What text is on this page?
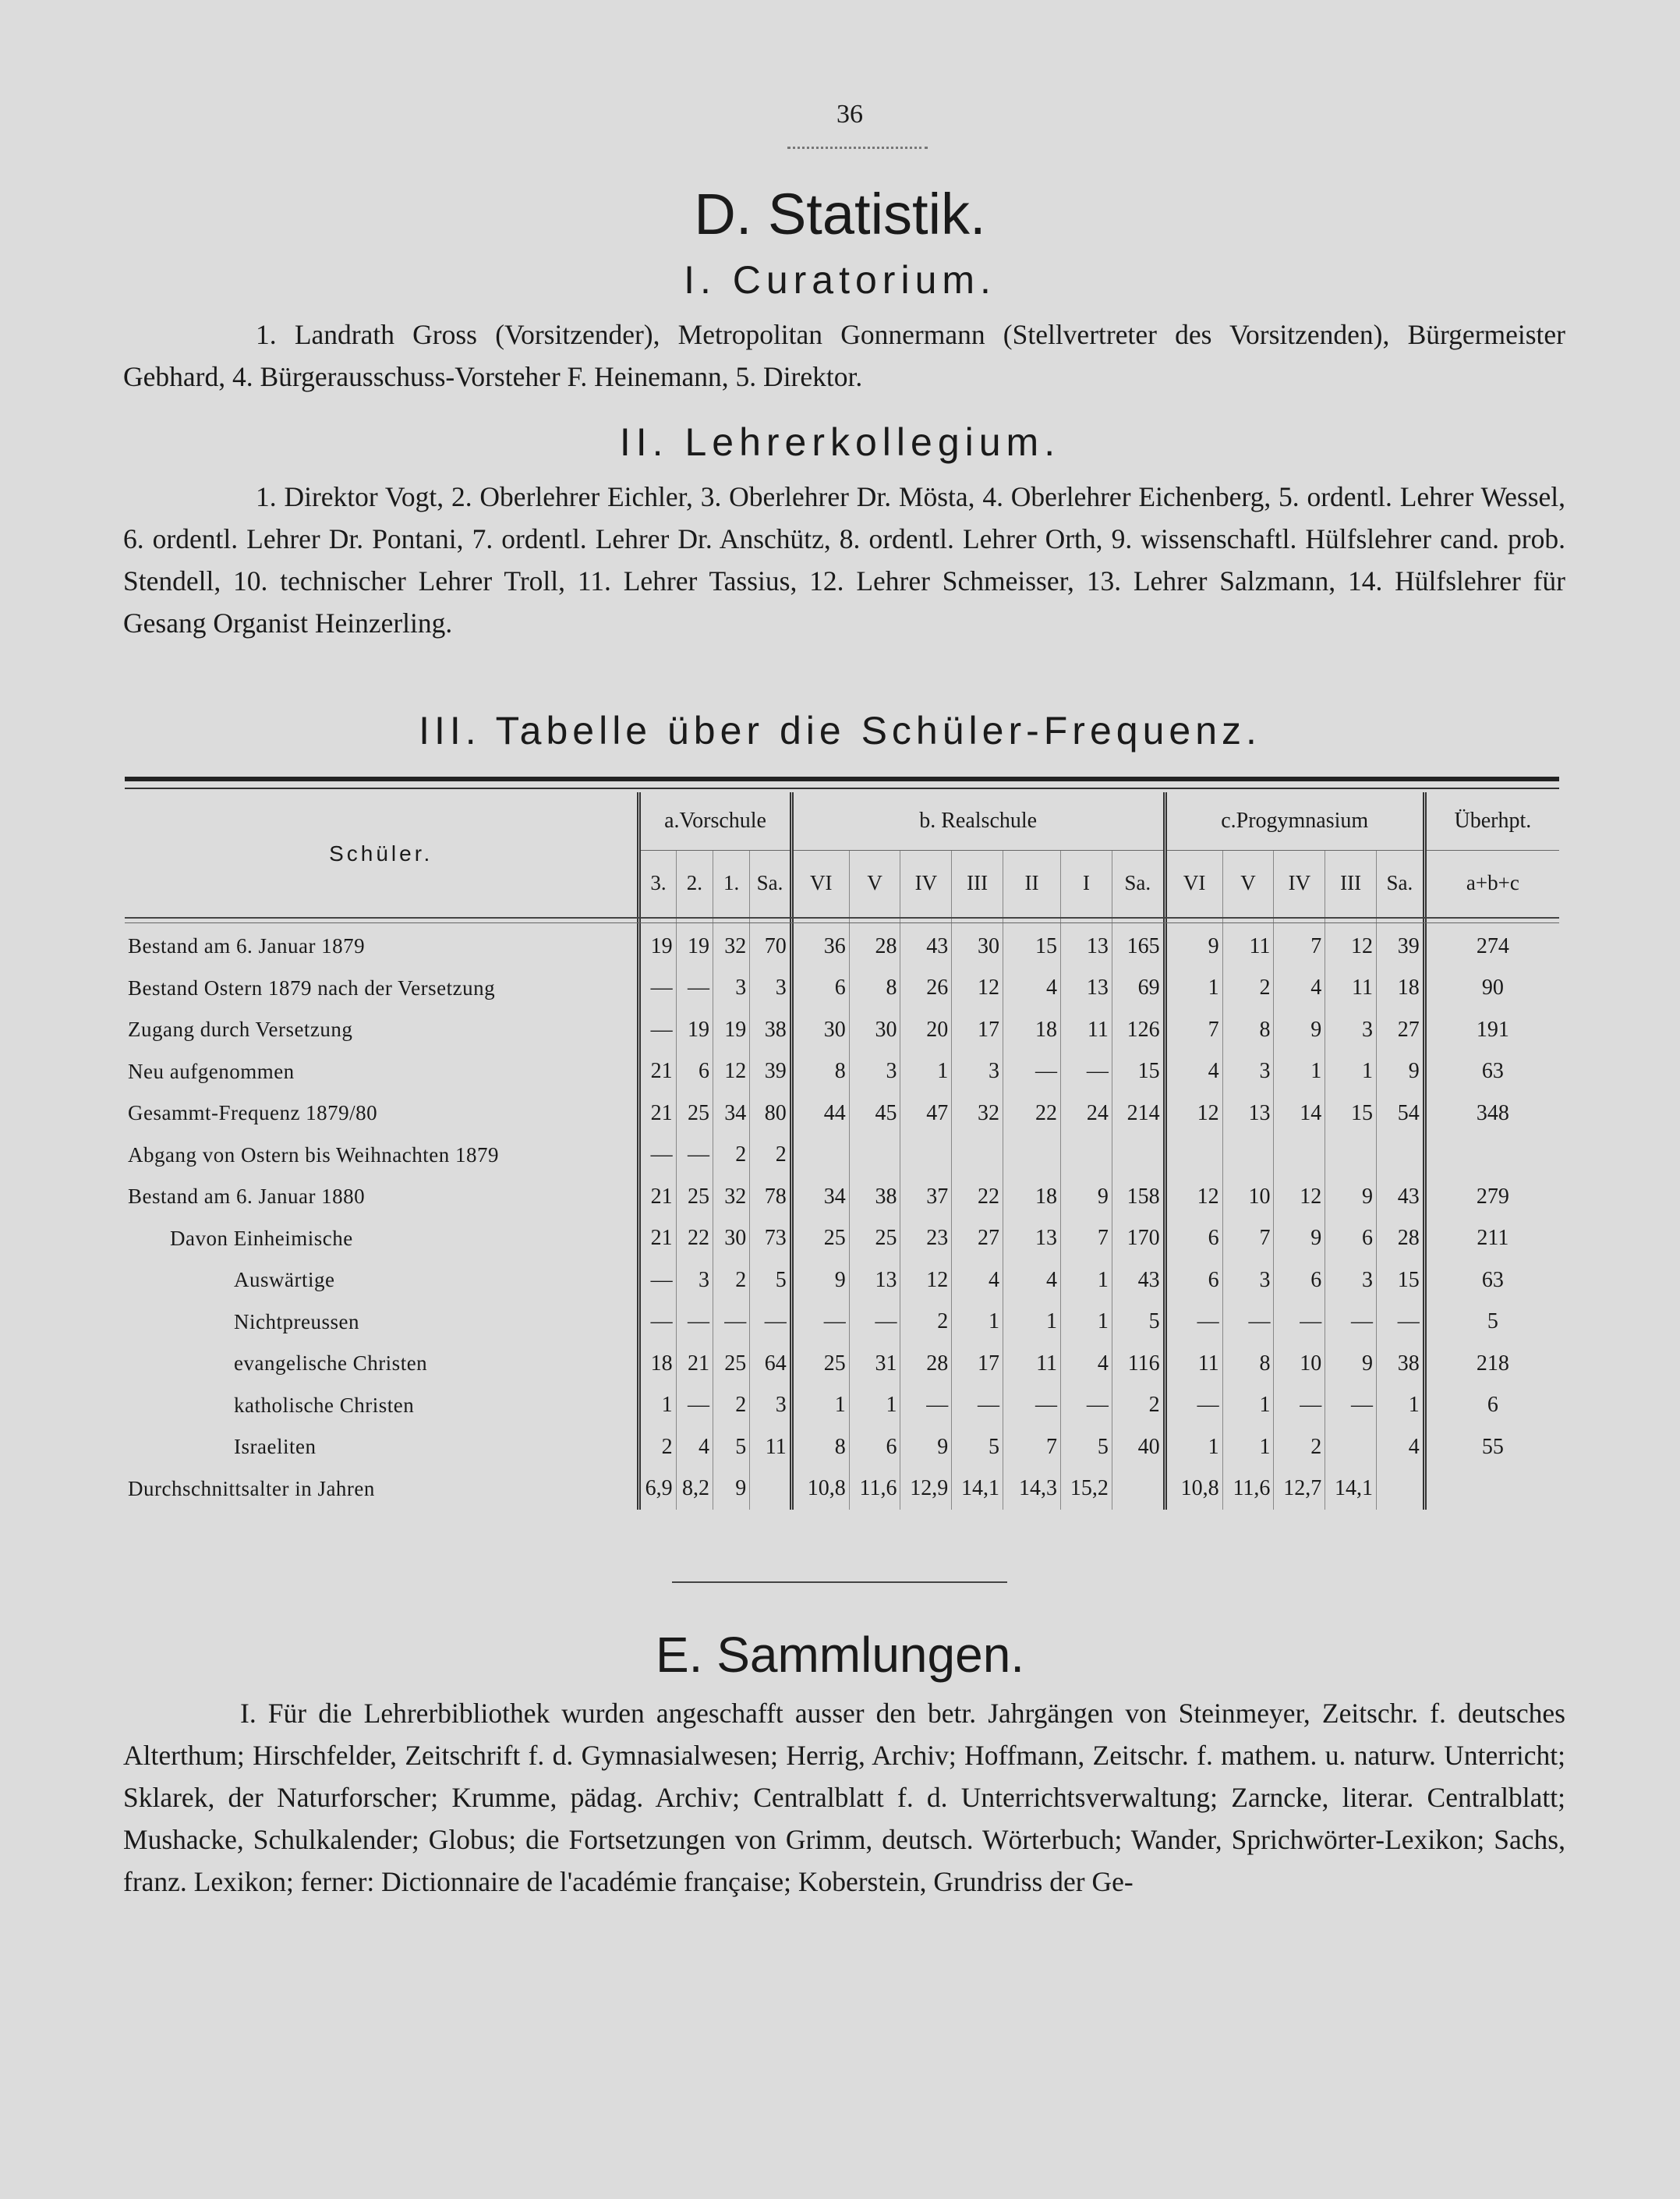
36
D. Statistik.
I. Curatorium.

1. Landrath Gross (Vorsitzender), Metropolitan Gonnermann (Stellvertreter des Vorsitzenden), Bürgermeister Gebhard, 4. Bürgerausschuss-Vorsteher F. Heinemann, 5. Direktor.

II. Lehrerkollegium.

1. Direktor Vogt, 2. Oberlehrer Eichler, 3. Oberlehrer Dr. Mösta, 4. Oberlehrer Eichenberg, 5. ordentl. Lehrer Wessel, 6. ordentl. Lehrer Dr. Pontani, 7. ordentl. Lehrer Dr. Anschütz, 8. ordentl. Lehrer Orth, 9. wissenschaftl. Hülfslehrer cand. prob. Stendell, 10. technischer Lehrer Troll, 11. Lehrer Tassius, 12. Lehrer Schmeisser, 13. Lehrer Salzmann, 14. Hülfslehrer für Gesang Organist Heinzerling.

III. Tabelle über die Schüler-Frequenz.
Schüler.	a.Vorschule				b. Realschule							c.Progymnasium					Überhpt.
	3.	2.	1.	Sa.	VI	V	IV	III	II	I	Sa.	VI	V	IV	III	Sa.	a+b+c
Bestand am 6. Januar 1879	19	19	32	70	36	28	43	30	15	13	165	9	11	7	12	39	274
Bestand Ostern 1879 nach der Versetzung	—	—	3	3	6	8	26	12	4	13	69	1	2	4	11	18	90
Zugang durch Versetzung	—	19	19	38	30	30	20	17	18	11	126	7	8	9	3	27	191
Neu aufgenommen	21	6	12	39	8	3	1	3	—	—	15	4	3	1	1	9	63
Gesammt-Frequenz 1879/80	21	25	34	80	44	45	47	32	22	24	214	12	13	14	15	54	348
Abgang von Ostern bis Weihnachten 1879	—	—	2	2													
Bestand am 6. Januar 1880	21	25	32	78	34	38	37	22	18	9	158	12	10	12	9	43	279
Davon Einheimische	21	22	30	73	25	25	23	27	13	7	170	6	7	9	6	28	211
Auswärtige	—	3	2	5	9	13	12	4	4	1	43	6	3	6	3	15	63
Nichtpreussen	—	—	—	—	—	—	2	1	1	1	5	—	—	—	—	—	5
evangelische Christen	18	21	25	64	25	31	28	17	11	4	116	11	8	10	9	38	218
katholische Christen	1	—	2	3	1	1	—	—	—	—	2	—	1	—	—	1	6
Israeliten	2	4	5	11	8	6	9	5	7	5	40	1	1	2		4	55
Durchschnittsalter in Jahren	6,9	8,2	9		10,8	11,6	12,9	14,1	14,3	15,2		10,8	11,6	12,7	14,1		
E. Sammlungen.

I. Für die Lehrerbibliothek wurden angeschafft ausser den betr. Jahrgängen von Steinmeyer, Zeitschr. f. deutsches Alterthum; Hirschfelder, Zeitschrift f. d. Gymnasialwesen; Herrig, Archiv; Hoffmann, Zeitschr. f. mathem. u. naturw. Unterricht; Sklarek, der Naturforscher; Krumme, pädag. Archiv; Centralblatt f. d. Unterrichtsverwaltung; Zarncke, literar. Centralblatt; Mushacke, Schulkalender; Globus; die Fortsetzungen von Grimm, deutsch. Wörterbuch; Wander, Sprichwörter-Lexikon; Sachs, franz. Lexikon; ferner: Dictionnaire de l'académie française; Koberstein, Grundriss der Ge-
